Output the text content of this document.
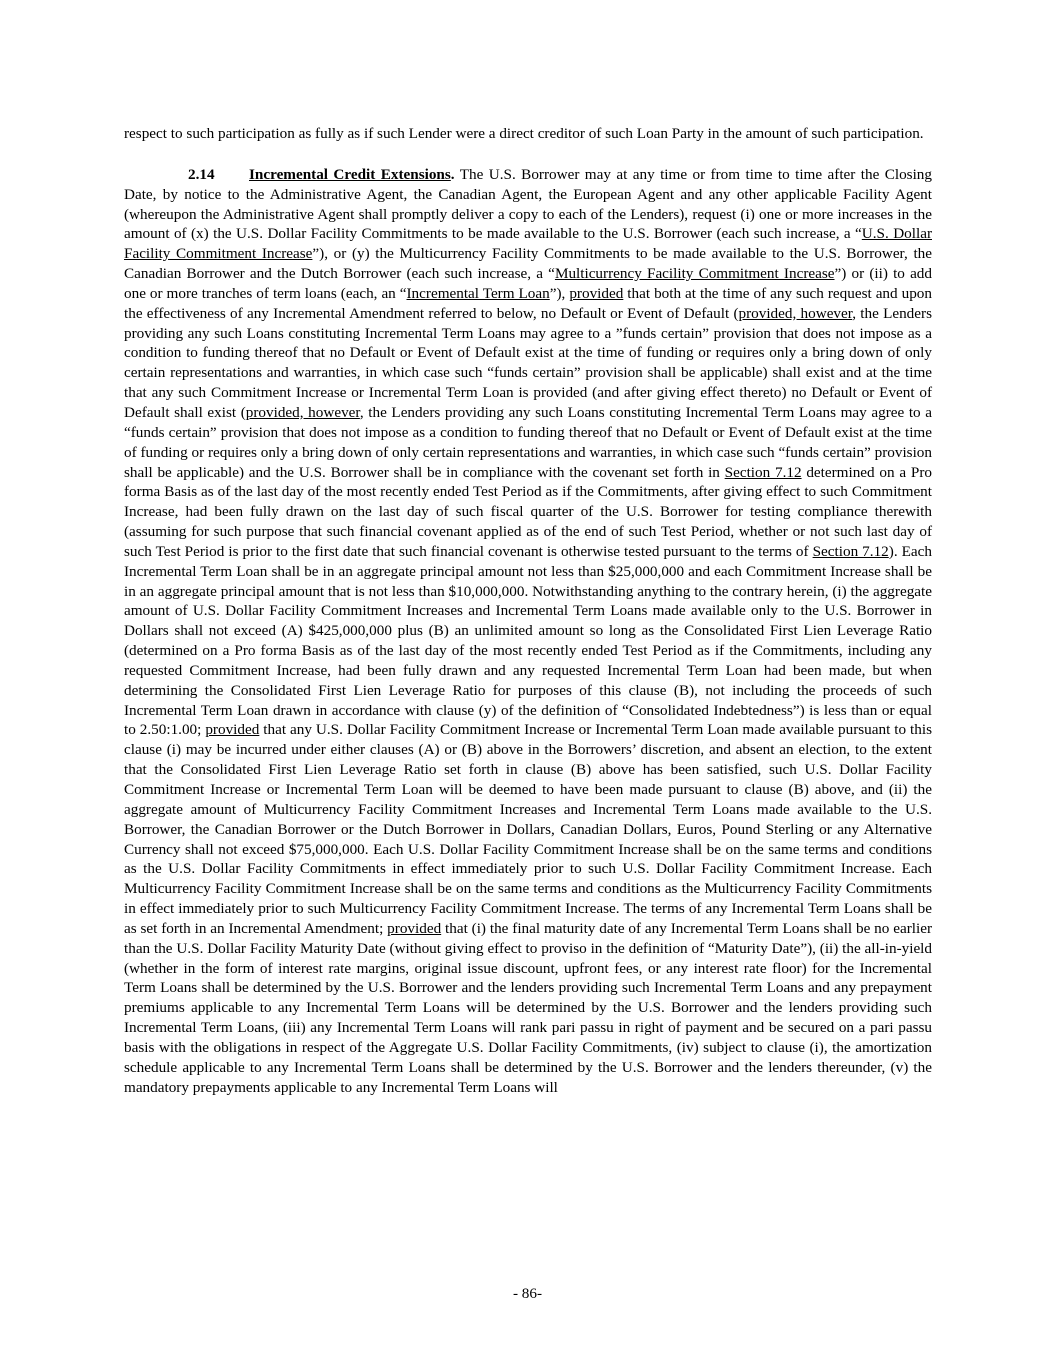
respect to such participation as fully as if such Lender were a direct creditor of such Loan Party in the amount of such participation.

2.14 Incremental Credit Extensions. The U.S. Borrower may at any time or from time to time after the Closing Date, by notice to the Administrative Agent, the Canadian Agent, the European Agent and any other applicable Facility Agent (whereupon the Administrative Agent shall promptly deliver a copy to each of the Lenders), request (i) one or more increases in the amount of (x) the U.S. Dollar Facility Commitments to be made available to the U.S. Borrower (each such increase, a “U.S. Dollar Facility Commitment Increase”), or (y) the Multicurrency Facility Commitments to be made available to the U.S. Borrower, the Canadian Borrower and the Dutch Borrower (each such increase, a “Multicurrency Facility Commitment Increase”) or (ii) to add one or more tranches of term loans (each, an “Incremental Term Loan”), provided that both at the time of any such request and upon the effectiveness of any Incremental Amendment referred to below, no Default or Event of Default (provided, however, the Lenders providing any such Loans constituting Incremental Term Loans may agree to a ”funds certain” provision that does not impose as a condition to funding thereof that no Default or Event of Default exist at the time of funding or requires only a bring down of only certain representations and warranties, in which case such “funds certain” provision shall be applicable) shall exist and at the time that any such Commitment Increase or Incremental Term Loan is provided (and after giving effect thereto) no Default or Event of Default shall exist (provided, however, the Lenders providing any such Loans constituting Incremental Term Loans may agree to a “funds certain” provision that does not impose as a condition to funding thereof that no Default or Event of Default exist at the time of funding or requires only a bring down of only certain representations and warranties, in which case such “funds certain” provision shall be applicable) and the U.S. Borrower shall be in compliance with the covenant set forth in Section 7.12 determined on a Pro forma Basis as of the last day of the most recently ended Test Period as if the Commitments, after giving effect to such Commitment Increase, had been fully drawn on the last day of such fiscal quarter of the U.S. Borrower for testing compliance therewith (assuming for such purpose that such financial covenant applied as of the end of such Test Period, whether or not such last day of such Test Period is prior to the first date that such financial covenant is otherwise tested pursuant to the terms of Section 7.12). Each Incremental Term Loan shall be in an aggregate principal amount not less than $25,000,000 and each Commitment Increase shall be in an aggregate principal amount that is not less than $10,000,000. Notwithstanding anything to the contrary herein, (i) the aggregate amount of U.S. Dollar Facility Commitment Increases and Incremental Term Loans made available only to the U.S. Borrower in Dollars shall not exceed (A) $425,000,000 plus (B) an unlimited amount so long as the Consolidated First Lien Leverage Ratio (determined on a Pro forma Basis as of the last day of the most recently ended Test Period as if the Commitments, including any requested Commitment Increase, had been fully drawn and any requested Incremental Term Loan had been made, but when determining the Consolidated First Lien Leverage Ratio for purposes of this clause (B), not including the proceeds of such Incremental Term Loan drawn in accordance with clause (y) of the definition of “Consolidated Indebtedness”) is less than or equal to 2.50:1.00; provided that any U.S. Dollar Facility Commitment Increase or Incremental Term Loan made available pursuant to this clause (i) may be incurred under either clauses (A) or (B) above in the Borrowers’ discretion, and absent an election, to the extent that the Consolidated First Lien Leverage Ratio set forth in clause (B) above has been satisfied, such U.S. Dollar Facility Commitment Increase or Incremental Term Loan will be deemed to have been made pursuant to clause (B) above, and (ii) the aggregate amount of Multicurrency Facility Commitment Increases and Incremental Term Loans made available to the U.S. Borrower, the Canadian Borrower or the Dutch Borrower in Dollars, Canadian Dollars, Euros, Pound Sterling or any Alternative Currency shall not exceed $75,000,000. Each U.S. Dollar Facility Commitment Increase shall be on the same terms and conditions as the U.S. Dollar Facility Commitments in effect immediately prior to such U.S. Dollar Facility Commitment Increase. Each Multicurrency Facility Commitment Increase shall be on the same terms and conditions as the Multicurrency Facility Commitments in effect immediately prior to such Multicurrency Facility Commitment Increase. The terms of any Incremental Term Loans shall be as set forth in an Incremental Amendment; provided that (i) the final maturity date of any Incremental Term Loans shall be no earlier than the U.S. Dollar Facility Maturity Date (without giving effect to proviso in the definition of “Maturity Date”), (ii) the all-in-yield (whether in the form of interest rate margins, original issue discount, upfront fees, or any interest rate floor) for the Incremental Term Loans shall be determined by the U.S. Borrower and the lenders providing such Incremental Term Loans and any prepayment premiums applicable to any Incremental Term Loans will be determined by the U.S. Borrower and the lenders providing such Incremental Term Loans, (iii) any Incremental Term Loans will rank pari passu in right of payment and be secured on a pari passu basis with the obligations in respect of the Aggregate U.S. Dollar Facility Commitments, (iv) subject to clause (i), the amortization schedule applicable to any Incremental Term Loans shall be determined by the U.S. Borrower and the lenders thereunder, (v) the mandatory prepayments applicable to any Incremental Term Loans will

- 86-
